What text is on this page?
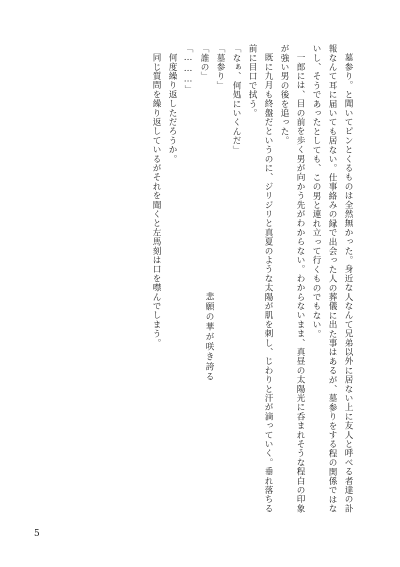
墓参り。と聞いてピンとくるものは全然無かった。身近な人なんて兄弟以外に居ない上に友人と呼べる者達の訃報なんて耳に届いても居ない。仕事絡みの縁で出会った人の葬儀に出た事はあるが、墓参りをする程の関係ではないし、そうであったとしても、この男と連れ立って行くものでもない。

一郎には、目の前を歩く男が向かう先がわからない。わからないまま、真昼の太陽光に呑まれそうな程白の印象が強い男の後を追った。

既に九月も終盤だというのに、ジリジリと真夏のような太陽が肌を刺し、じわりと汗が滴っていく。垂れ落ちる前に目口で拭う。

「なぁ、何処にいくんだ」

「墓参り」

「誰の」

「………」

何度繰り返しただろうか。

同じ質問を繰り返しているがそれを聞くと左馬刻は口を噤んでしまう。	悲願の華が咲き誇る
5
